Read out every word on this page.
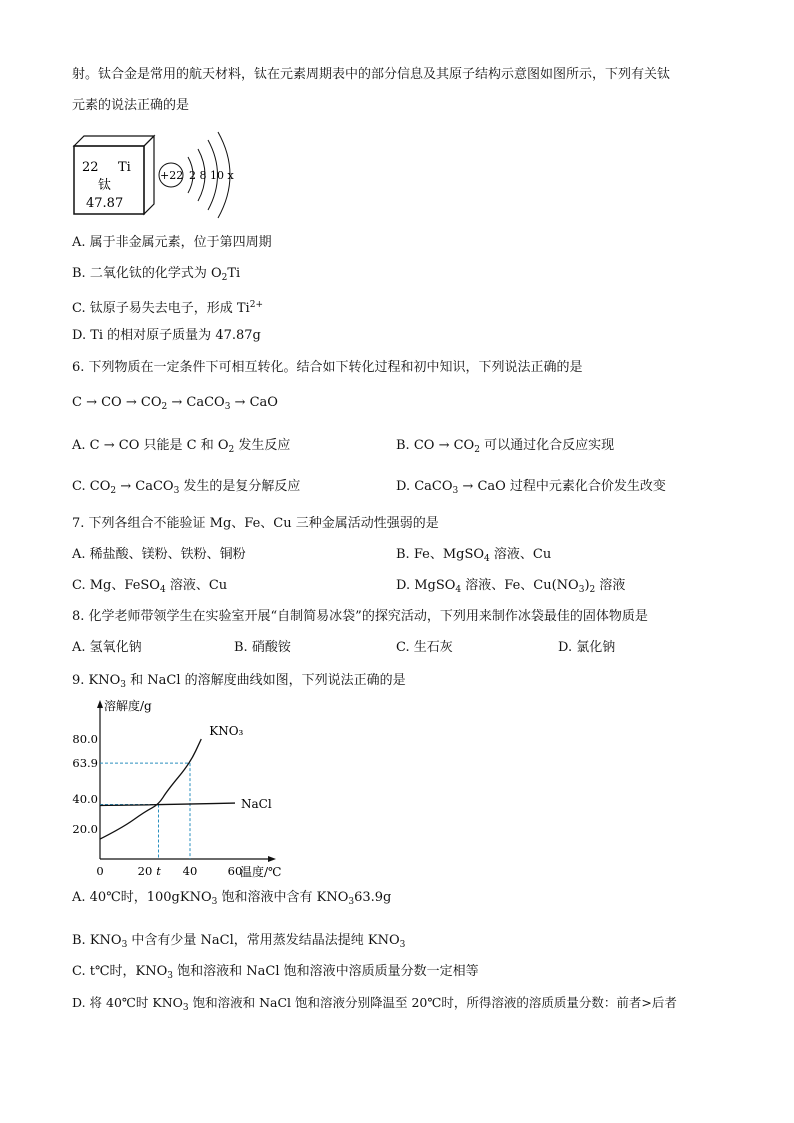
射。钛合金是常用的航天材料，钛在元素周期表中的部分信息及其原子结构示意图如图所示，下列有关钛
元素的说法正确的是
22 Ti
钛
47.87
+22 2 8 10 x
A. 属于非金属元素，位于第四周期
B. 二氧化钛的化学式为 $O_2Ti$
C. 钛原子易失去电子，形成 $Ti^{2+}$
D. Ti 的相对原子质量为 47.87g
6. 下列物质在一定条件下可相互转化。结合如下转化过程和初中知识，下列说法正确的是
C → CO → $CO_2$ → CaCO$_3$ → CaO
A. C → CO 只能是 C 和 $O_2$ 发生反应	B. CO → $CO_2$ 可以通过化合反应实现
C. $CO_2$ → CaCO$_3$ 发生的是复分解反应	D. CaCO$_3$ → CaO 过程中元素化合价发生改变
7. 下列各组合不能验证 Mg、Fe、Cu 三种金属活动性强弱的是
A. 稀盐酸、镁粉、铁粉、铜粉	B. Fe、MgSO$_4$ 溶液、Cu
C. Mg、FeSO$_4$ 溶液、Cu	D. MgSO$_4$ 溶液、Fe、$Cu(NO_3)_2$ 溶液
8. 化学老师带领学生在实验室开展“自制简易冰袋”的探究活动，下列用来制作冰袋最佳的固体物质是
A. 氢氧化钠	B. 硝酸铵	C. 生石灰	D. 氯化钠
9. $KNO_3$ 和 NaCl 的溶解度曲线如图，下列说法正确的是
溶解度/g
温度/℃
20.0
40.0
63.9
80.0
0	20 t 40	60
KNO₃
NaCl
A. 40℃时，100gKNO$_3$ 饱和溶液中含有 $KNO_363.9g$
B. $KNO_3$ 中含有少量 NaCl，常用蒸发结晶法提纯 $KNO_3$
C. t℃时，$KNO_3$ 饱和溶液和 NaCl 饱和溶液中溶质质量分数一定相等
D. 将 40℃时 $KNO_3$ 饱和溶液和 NaCl 饱和溶液分别降温至 20℃时，所得溶液的溶质质量分数：前者>后者
